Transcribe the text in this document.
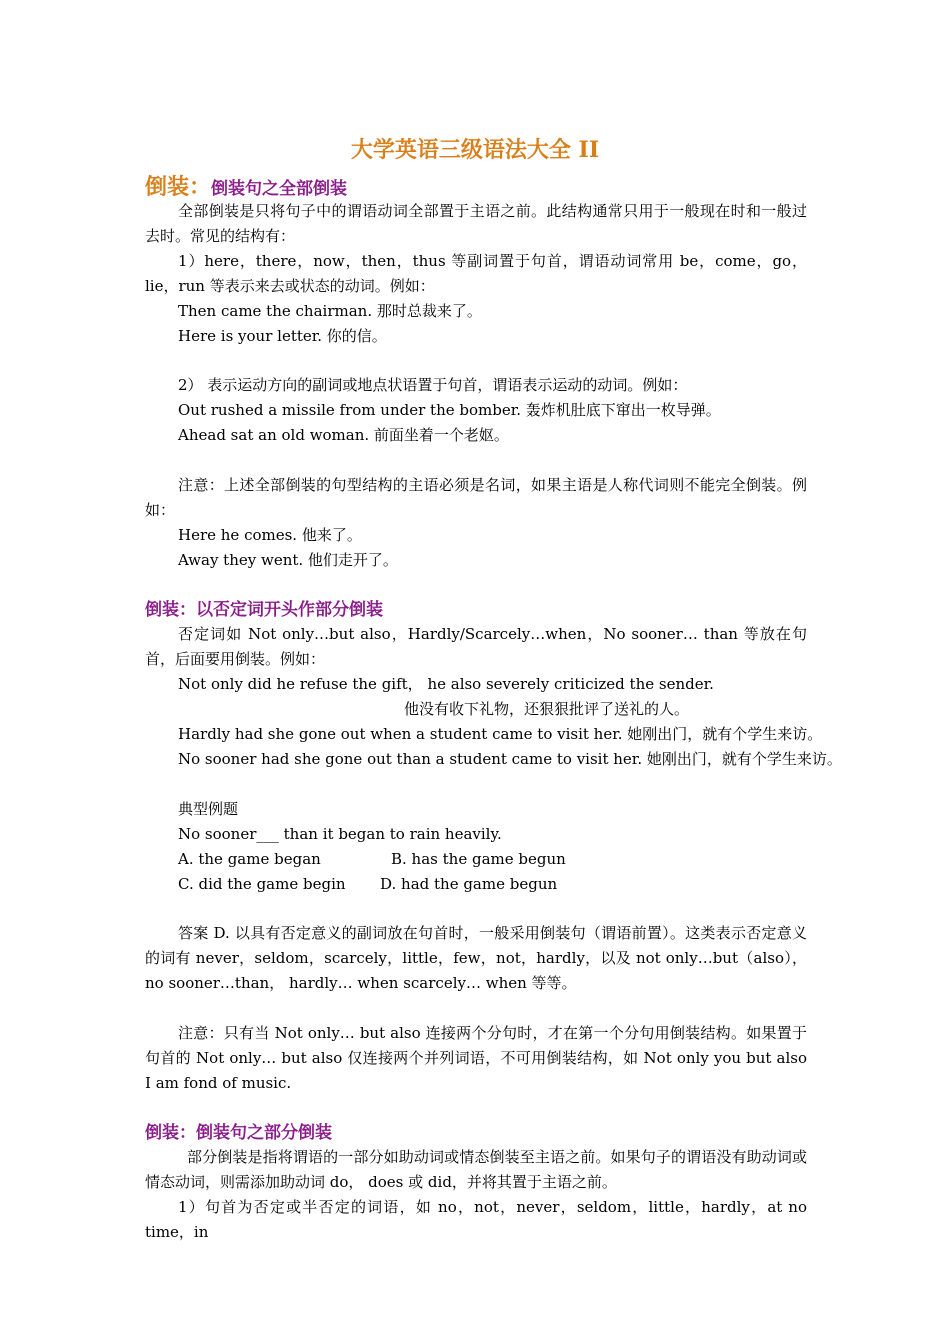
大学英语三级语法大全 II
倒装：倒装句之全部倒装
全部倒装是只将句子中的谓语动词全部置于主语之前。此结构通常只用于一般现在时和一般过去时。常见的结构有：
1）here，there，now，then，thus 等副词置于句首，谓语动词常用 be，come，go，lie，run 等表示来去或状态的动词。例如：
Then came the chairman. 那时总裁来了。
Here is your letter. 你的信。
2） 表示运动方向的副词或地点状语置于句首，谓语表示运动的动词。例如：
Out rushed a missile from under the bomber. 轰炸机肚底下窜出一枚导弹。
Ahead sat an old woman. 前面坐着一个老妪。
注意：上述全部倒装的句型结构的主语必须是名词，如果主语是人称代词则不能完全倒装。例如：
Here he comes. 他来了。
Away they went. 他们走开了。
倒装：以否定词开头作部分倒装
否定词如 Not only…but also，Hardly/Scarcely…when，No sooner… than 等放在句首，后面要用倒装。例如：
Not only did he refuse the gift， he also severely criticized the sender.
他没有收下礼物，还狠狠批评了送礼的人。
Hardly had she gone out when a student came to visit her. 她刚出门，就有个学生来访。
No sooner had she gone out than a student came to visit her. 她刚出门，就有个学生来访。
典型例题
No sooner___ than it began to rain heavily.
A. the game began	B. has the game begun
C. did the game begin D. had the game begun
答案 D. 以具有否定意义的副词放在句首时，一般采用倒装句（谓语前置）。这类表示否定意义的词有 never，seldom，scarcely，little，few，not，hardly，以及 not only…but（also），no sooner…than， hardly… when scarcely… when 等等。
注意：只有当 Not only… but also 连接两个分句时，才在第一个分句用倒装结构。如果置于句首的 Not only… but also 仅连接两个并列词语，不可用倒装结构，如 Not only you but also I am fond of music.
倒装：倒装句之部分倒装
部分倒装是指将谓语的一部分如助动词或情态倒装至主语之前。如果句子的谓语没有助动词或情态动词，则需添加助动词 do， does 或 did，并将其置于主语之前。
1）句首为否定或半否定的词语，如 no，not，never，seldom，little，hardly，at no time，in
